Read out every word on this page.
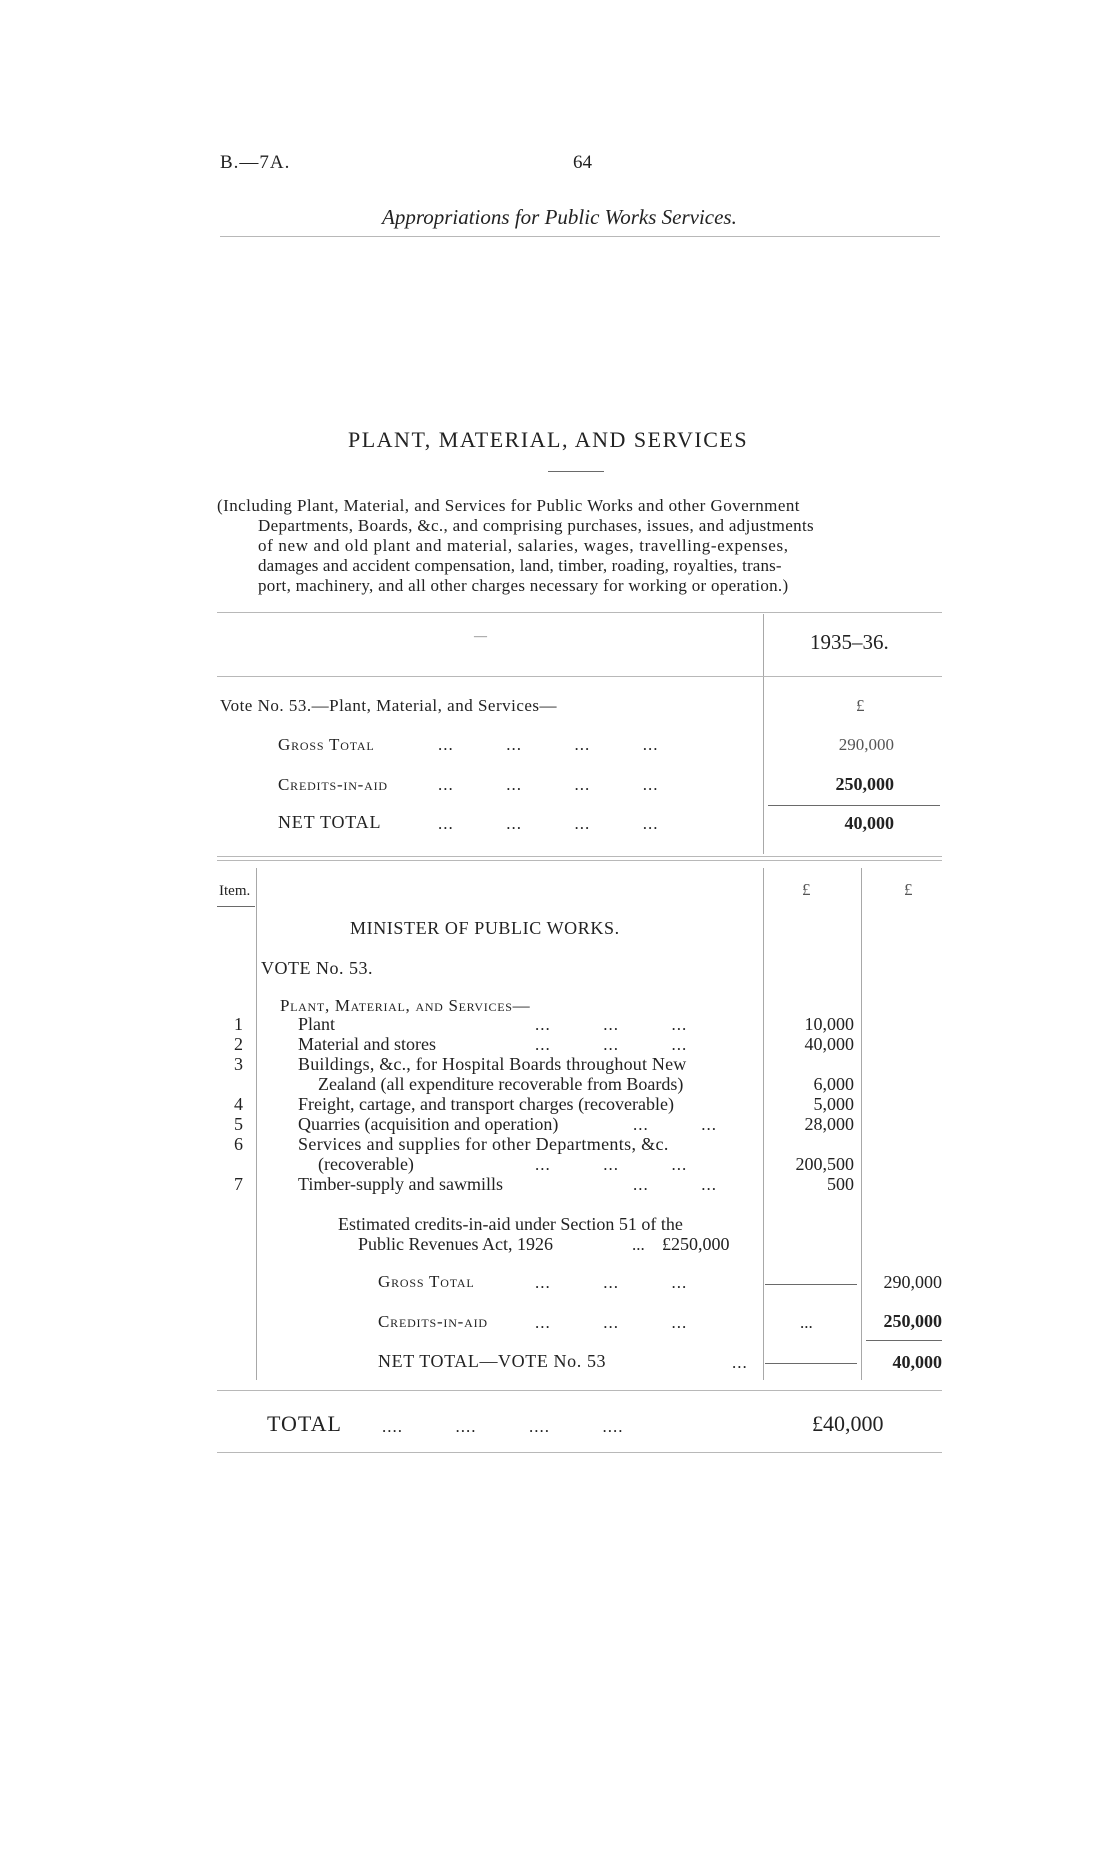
B.—7A.	64
Appropriations for Public Works Services.
PLANT, MATERIAL, AND SERVICES
(Including Plant, Material, and Services for Public Works and other Government
Departments, Boards, &c., and comprising purchases, issues, and adjustments
of new and old plant and material, salaries, wages, travelling-expenses,
damages and accident compensation, land, timber, roading, royalties, trans-
port, machinery, and all other charges necessary for working or operation.)
—	1935–36.
Vote No. 53.—Plant, Material, and Services—	£
Gross Total	...          ...          ...          ...	290,000
Credits-in-aid	...          ...          ...          ...	250,000
NET TOTAL	...          ...          ...          ...	40,000
Item.	£	£
MINISTER OF PUBLIC WORKS.
VOTE No. 53.
Plant, Material, and Services—
1	Plant	...          ...          ...	10,000
2	Material and stores	...          ...          ...	40,000
3	Buildings, &c., for Hospital Boards throughout New
Zealand (all expenditure recoverable from Boards)	6,000
4	Freight, cartage, and transport charges (recoverable)	5,000
5	Quarries (acquisition and operation)	...          ...	28,000
6	Services and supplies for other Departments, &c.
(recoverable)	...          ...          ...	200,500
7	Timber-supply and sawmills	...          ...	500
Estimated credits-in-aid under Section 51 of the
Public Revenues Act, 1926	... £250,000
Gross Total	...          ...          ...	290,000
Credits-in-aid	...          ...          ...	...	250,000
NET TOTAL—VOTE No. 53	...	40,000
TOTAL ....          ....          ....          ....	£40,000
